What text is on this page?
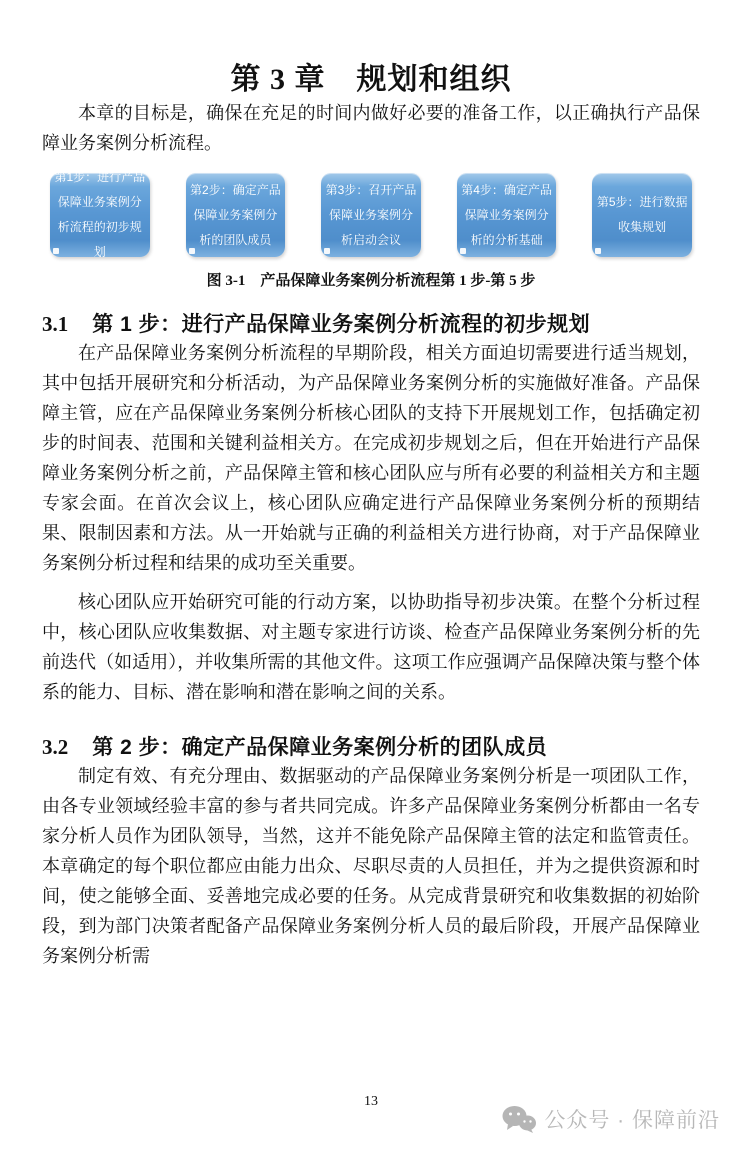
第 3 章　规划和组织

本章的目标是，确保在充足的时间内做好必要的准备工作，以正确执行产品保障业务案例分析流程。

第1步：进行产品保障业务案例分析流程的初步规划
第2步：确定产品保障业务案例分析的团队成员
第3步：召开产品保障业务案例分析启动会议
第4步：确定产品保障业务案例分析的分析基础
第5步：进行数据收集规划
图 3-1　产品保障业务案例分析流程第 1 步-第 5 步
3.1 第 1 步：进行产品保障业务案例分析流程的初步规划

在产品保障业务案例分析流程的早期阶段，相关方面迫切需要进行适当规划，其中包括开展研究和分析活动，为产品保障业务案例分析的实施做好准备。产品保障主管，应在产品保障业务案例分析核心团队的支持下开展规划工作，包括确定初步的时间表、范围和关键利益相关方。在完成初步规划之后，但在开始进行产品保障业务案例分析之前，产品保障主管和核心团队应与所有必要的利益相关方和主题专家会面。在首次会议上，核心团队应确定进行产品保障业务案例分析的预期结果、限制因素和方法。从一开始就与正确的利益相关方进行协商，对于产品保障业务案例分析过程和结果的成功至关重要。

核心团队应开始研究可能的行动方案，以协助指导初步决策。在整个分析过程中，核心团队应收集数据、对主题专家进行访谈、检查产品保障业务案例分析的先前迭代（如适用），并收集所需的其他文件。这项工作应强调产品保障决策与整个体系的能力、目标、潜在影响和潜在影响之间的关系。

3.2 第 2 步：确定产品保障业务案例分析的团队成员

制定有效、有充分理由、数据驱动的产品保障业务案例分析是一项团队工作，由各专业领域经验丰富的参与者共同完成。许多产品保障业务案例分析都由一名专家分析人员作为团队领导，当然，这并不能免除产品保障主管的法定和监管责任。本章确定的每个职位都应由能力出众、尽职尽责的人员担任，并为之提供资源和时间，使之能够全面、妥善地完成必要的任务。从完成背景研究和收集数据的初始阶段，到为部门决策者配备产品保障业务案例分析人员的最后阶段，开展产品保障业务案例分析需

13
公众号 · 保障前沿
